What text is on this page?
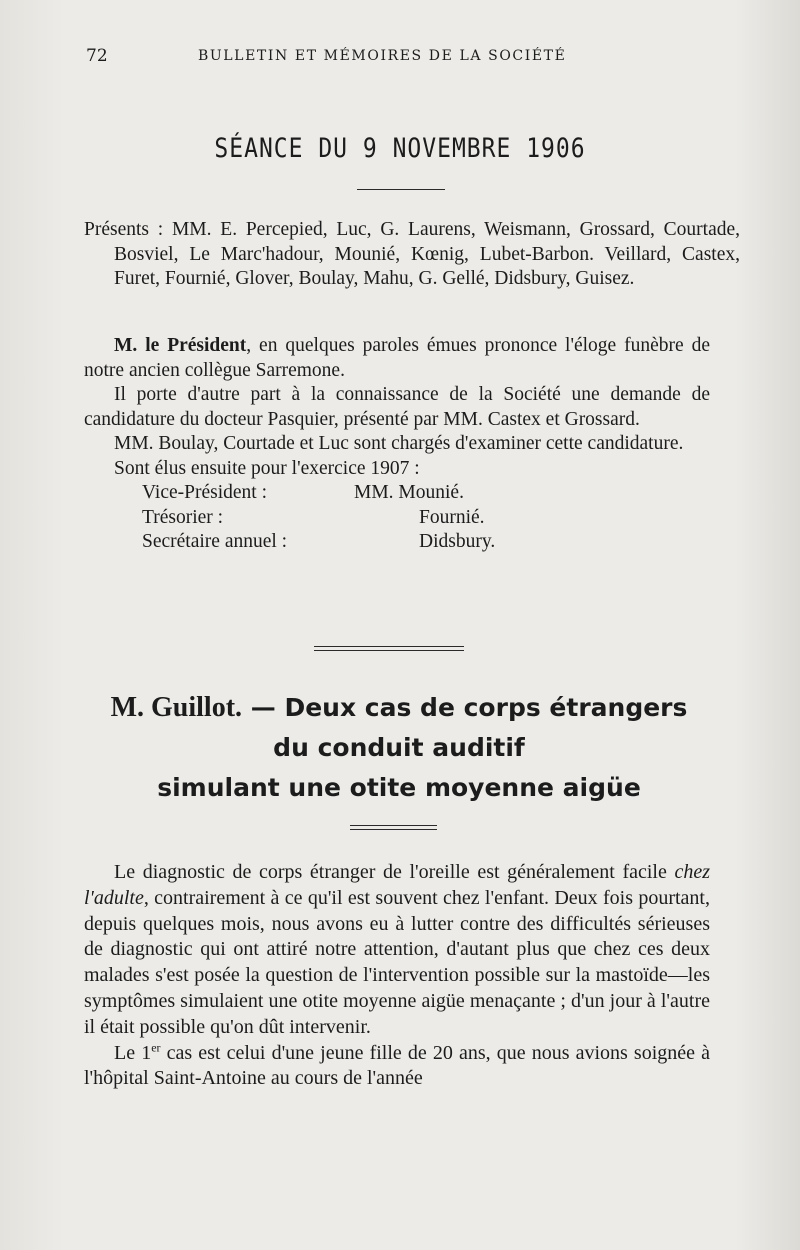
72	BULLETIN ET MÉMOIRES DE LA SOCIÉTÉ
SÉANCE DU 9 NOVEMBRE 1906

Présents : MM. E. Percepied, Luc, G. Laurens, Weismann, Grossard, Courtade, Bosviel, Le Marc'hadour, Mounié, Kœnig, Lubet-Barbon. Veillard, Castex, Furet, Fournié, Glover, Boulay, Mahu, G. Gellé, Didsbury, Guisez.

M. le Président, en quelques paroles émues prononce l'éloge funèbre de notre ancien collègue Sarremone.

Il porte d'autre part à la connaissance de la Société une demande de candidature du docteur Pasquier, présenté par MM. Castex et Grossard.

MM. Boulay, Courtade et Luc sont chargés d'examiner cette candidature.

Sont élus ensuite pour l'exercice 1907 :

Vice-Président :	MM. Mounié.
Trésorier :	Fournié.
Secrétaire annuel :	Didsbury.
M. Guillot. — Deux cas de corps étrangers
du conduit auditif
simulant une otite moyenne aigüe

Le diagnostic de corps étranger de l'oreille est généralement facile chez l'adulte, contrairement à ce qu'il est souvent chez l'enfant. Deux fois pourtant, depuis quelques mois, nous avons eu à lutter contre des difficultés sérieuses de diagnostic qui ont attiré notre attention, d'autant plus que chez ces deux malades s'est posée la question de l'intervention possible sur la mastoïde—les symptômes simulaient une otite moyenne aigüe menaçante ; d'un jour à l'autre il était possible qu'on dût intervenir.

Le 1er cas est celui d'une jeune fille de 20 ans, que nous avions soignée à l'hôpital Saint-Antoine au cours de l'année
